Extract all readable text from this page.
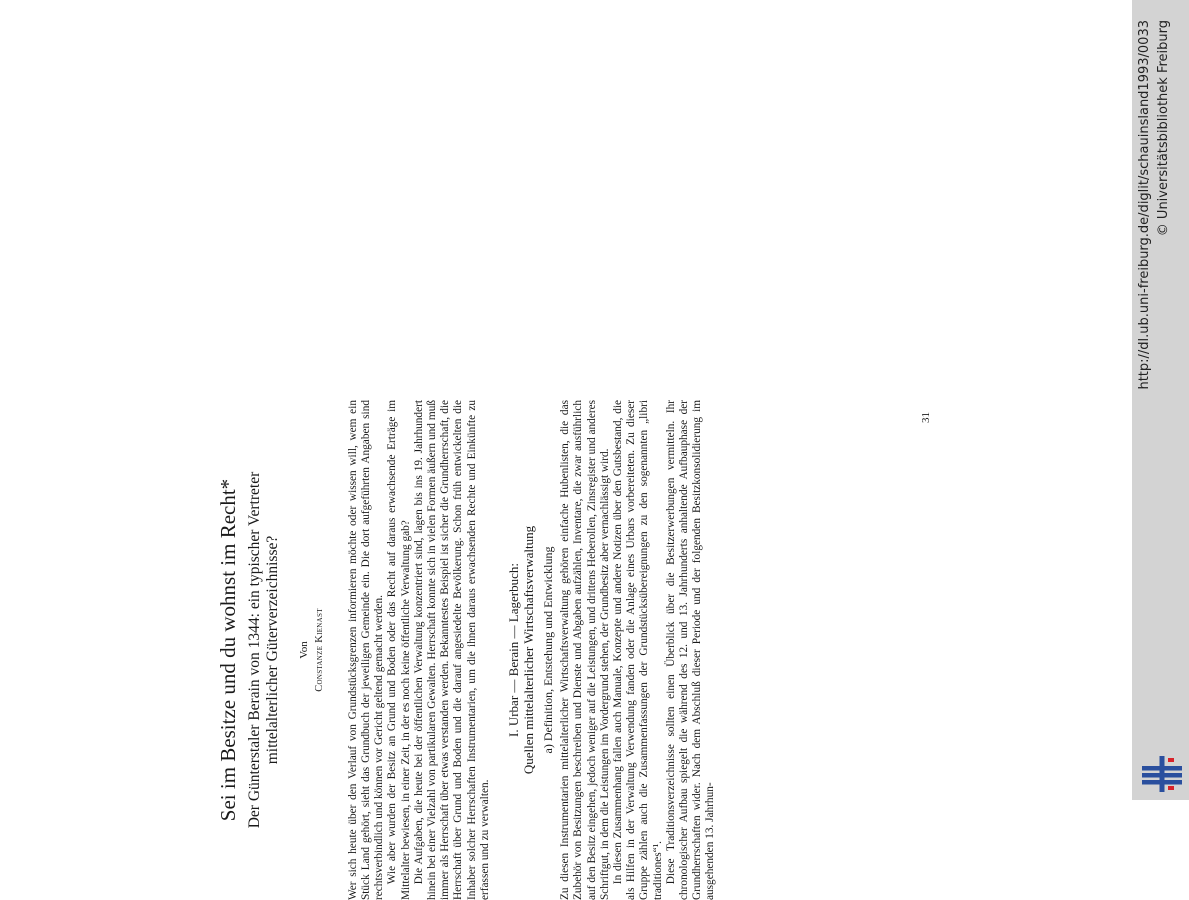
Sei im Besitze und du wohnst im Recht* Der Günterstaler Berain von 1344: ein typischer Vertreter mittelalterlicher Güterverzeichnisse? Von Constanze Kienast Wer sich heute über den Verlauf von Grundstücksgrenzen informieren möchte oder wissen will, wem ein Stück Land gehört, sieht das Grundbuch der jeweiligen Gemeinde ein. Die dort aufgeführten Angaben sind rechtsverbindlich und können vor Gericht geltend gemacht werden. Wie aber wurden der Besitz an Grund und Boden oder das Recht auf daraus erwachsende Erträge im Mittelalter bewiesen, in einer Zeit, in der es noch keine öffentliche Verwaltung gab? Die Aufgaben, die heute bei der öffentlichen Verwaltung konzentriert sind, lagen bis ins 19. Jahrhundert hinein bei einer Vielzahl von partikularen Gewalten. Herrschaft konnte sich in vielen Formen äußern und muß immer als Herrschaft über etwas verstanden werden. Bekanntestes Beispiel ist sicher die Grundherrschaft, die Herrschaft über Grund und Boden und die darauf angesiedelte Bevölkerung. Schon früh entwickelten die Inhaber solcher Herrschaften Instrumentarien, um die ihnen daraus erwachsenden Rechte und Einkünfte zu erfassen und zu verwalten.

I. Urbar — Berain — Lagerbuch: Quellen mittelalterlicher Wirtschaftsverwaltung a) Definition, Entstehung und Entwicklung Zu diesen Instrumentarien mittelalterlicher Wirtschaftsverwaltung gehören einfache Hubenlisten, die das Zubehör von Besitzungen beschreiben und Dienste und Abgaben aufzählen, Inventare, die zwar ausführlich auf den Besitz eingehen, jedoch weniger auf die Leistungen, und drittens Heberollen, Zinsregister und anderes Schriftgut, in dem die Leistungen im Vordergrund stehen, der Grundbesitz aber vernachlässigt wird. In diesen Zusammenhang fallen auch Manuale, Konzepte und andere Notizen über den Gutsbestand, die als Hilfen in der Verwaltung Verwendung fanden oder die Anlage eines Urbars vorbereiteten. Zu dieser Gruppe zählen auch die Zusammenfassungen der Grundstücksübereignungen zu den sogenannten „libri traditiones“¹. Diese Traditionsverzeichnisse sollten einen Überblick über die Besitzerwerbungen vermitteln. Ihr chronologischer Aufbau spiegelt die während des 12. und 13. Jahrhunderts anhaltende Aufbauphase der Grundherrschaften wider. Nach dem Abschluß dieser Periode und der folgenden Besitzkonsolidierung im ausgehenden 13. Jahrhun-

31
http://dl.ub.uni-freiburg.de/diglit/schauinsland1993/0033 © Universitätsbibliothek Freiburg
